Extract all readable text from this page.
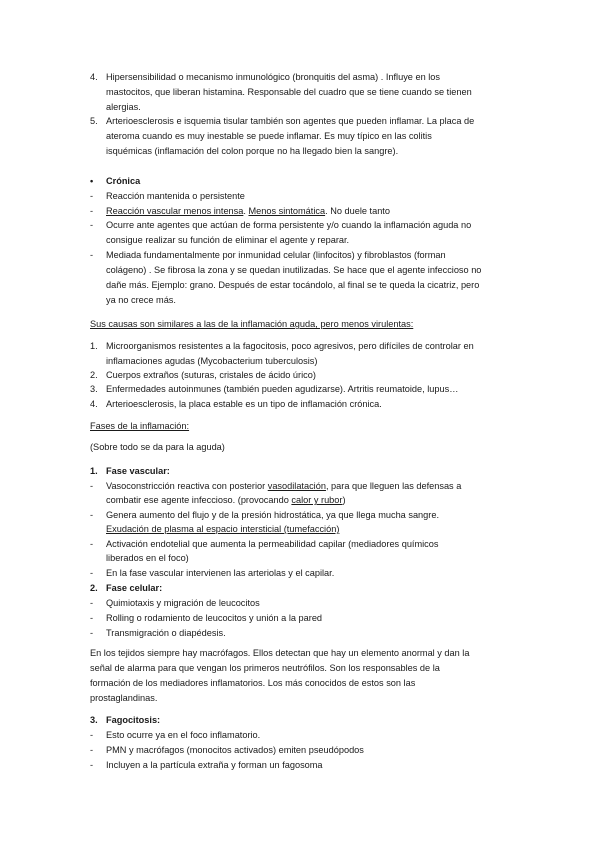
4. Hipersensibilidad o mecanismo inmunológico (bronquitis del asma) . Influye en los
mastocitos, que liberan histamina. Responsable del cuadro que se tiene cuando se tienen
alergias.
5. Arterioesclerosis e isquemia tisular también son agentes que pueden inflamar. La placa de
ateroma cuando es muy inestable se puede inflamar. Es muy típico en las colitis
isquémicas (inflamación del colon porque no ha llegado bien la sangre).
• Crónica
- Reacción mantenida o persistente
- Reacción vascular menos intensa. Menos sintomática. No duele tanto
- Ocurre ante agentes que actúan de forma persistente y/o cuando la inflamación aguda no
consigue realizar su función de eliminar el agente y reparar.
- Mediada fundamentalmente por inmunidad celular (linfocitos) y fibroblastos (forman
colágeno) . Se fibrosa la zona y se quedan inutilizadas. Se hace que el agente infeccioso no
dañe más. Ejemplo: grano. Después de estar tocándolo, al final se te queda la cicatriz, pero
ya no crece más.
Sus causas son similares a las de la inflamación aguda, pero menos virulentas:
1. Microorganismos resistentes a la fagocitosis, poco agresivos, pero difíciles de controlar en
inflamaciones agudas (Mycobacterium tuberculosis)
2. Cuerpos extraños (suturas, cristales de ácido úrico)
3. Enfermedades autoinmunes (también pueden agudizarse). Artritis reumatoide, lupus…
4. Arterioesclerosis, la placa estable es un tipo de inflamación crónica.
Fases de la inflamación:
(Sobre todo se da para la aguda)
1. Fase vascular:
- Vasoconstricción reactiva con posterior vasodilatación, para que lleguen las defensas a
combatir ese agente infeccioso. (provocando calor y rubor)
- Genera aumento del flujo y de la presión hidrostática, ya que llega mucha sangre.
Exudación de plasma al espacio intersticial (tumefacción)
- Activación endotelial que aumenta la permeabilidad capilar (mediadores químicos
liberados en el foco)
- En la fase vascular intervienen las arteriolas y el capilar.
2. Fase celular:
- Quimiotaxis y migración de leucocitos
- Rolling o rodamiento de leucocitos y unión a la pared
- Transmigración o diapédesis.
En los tejidos siempre hay macrófagos. Ellos detectan que hay un elemento anormal y dan la
señal de alarma para que vengan los primeros neutrófilos. Son los responsables de la
formación de los mediadores inflamatorios. Los más conocidos de estos son las
prostaglandinas.
3. Fagocitosis:
- Esto ocurre ya en el foco inflamatorio.
- PMN y macrófagos (monocitos activados) emiten pseudópodos
- Incluyen a la partícula extraña y forman un fagosoma
